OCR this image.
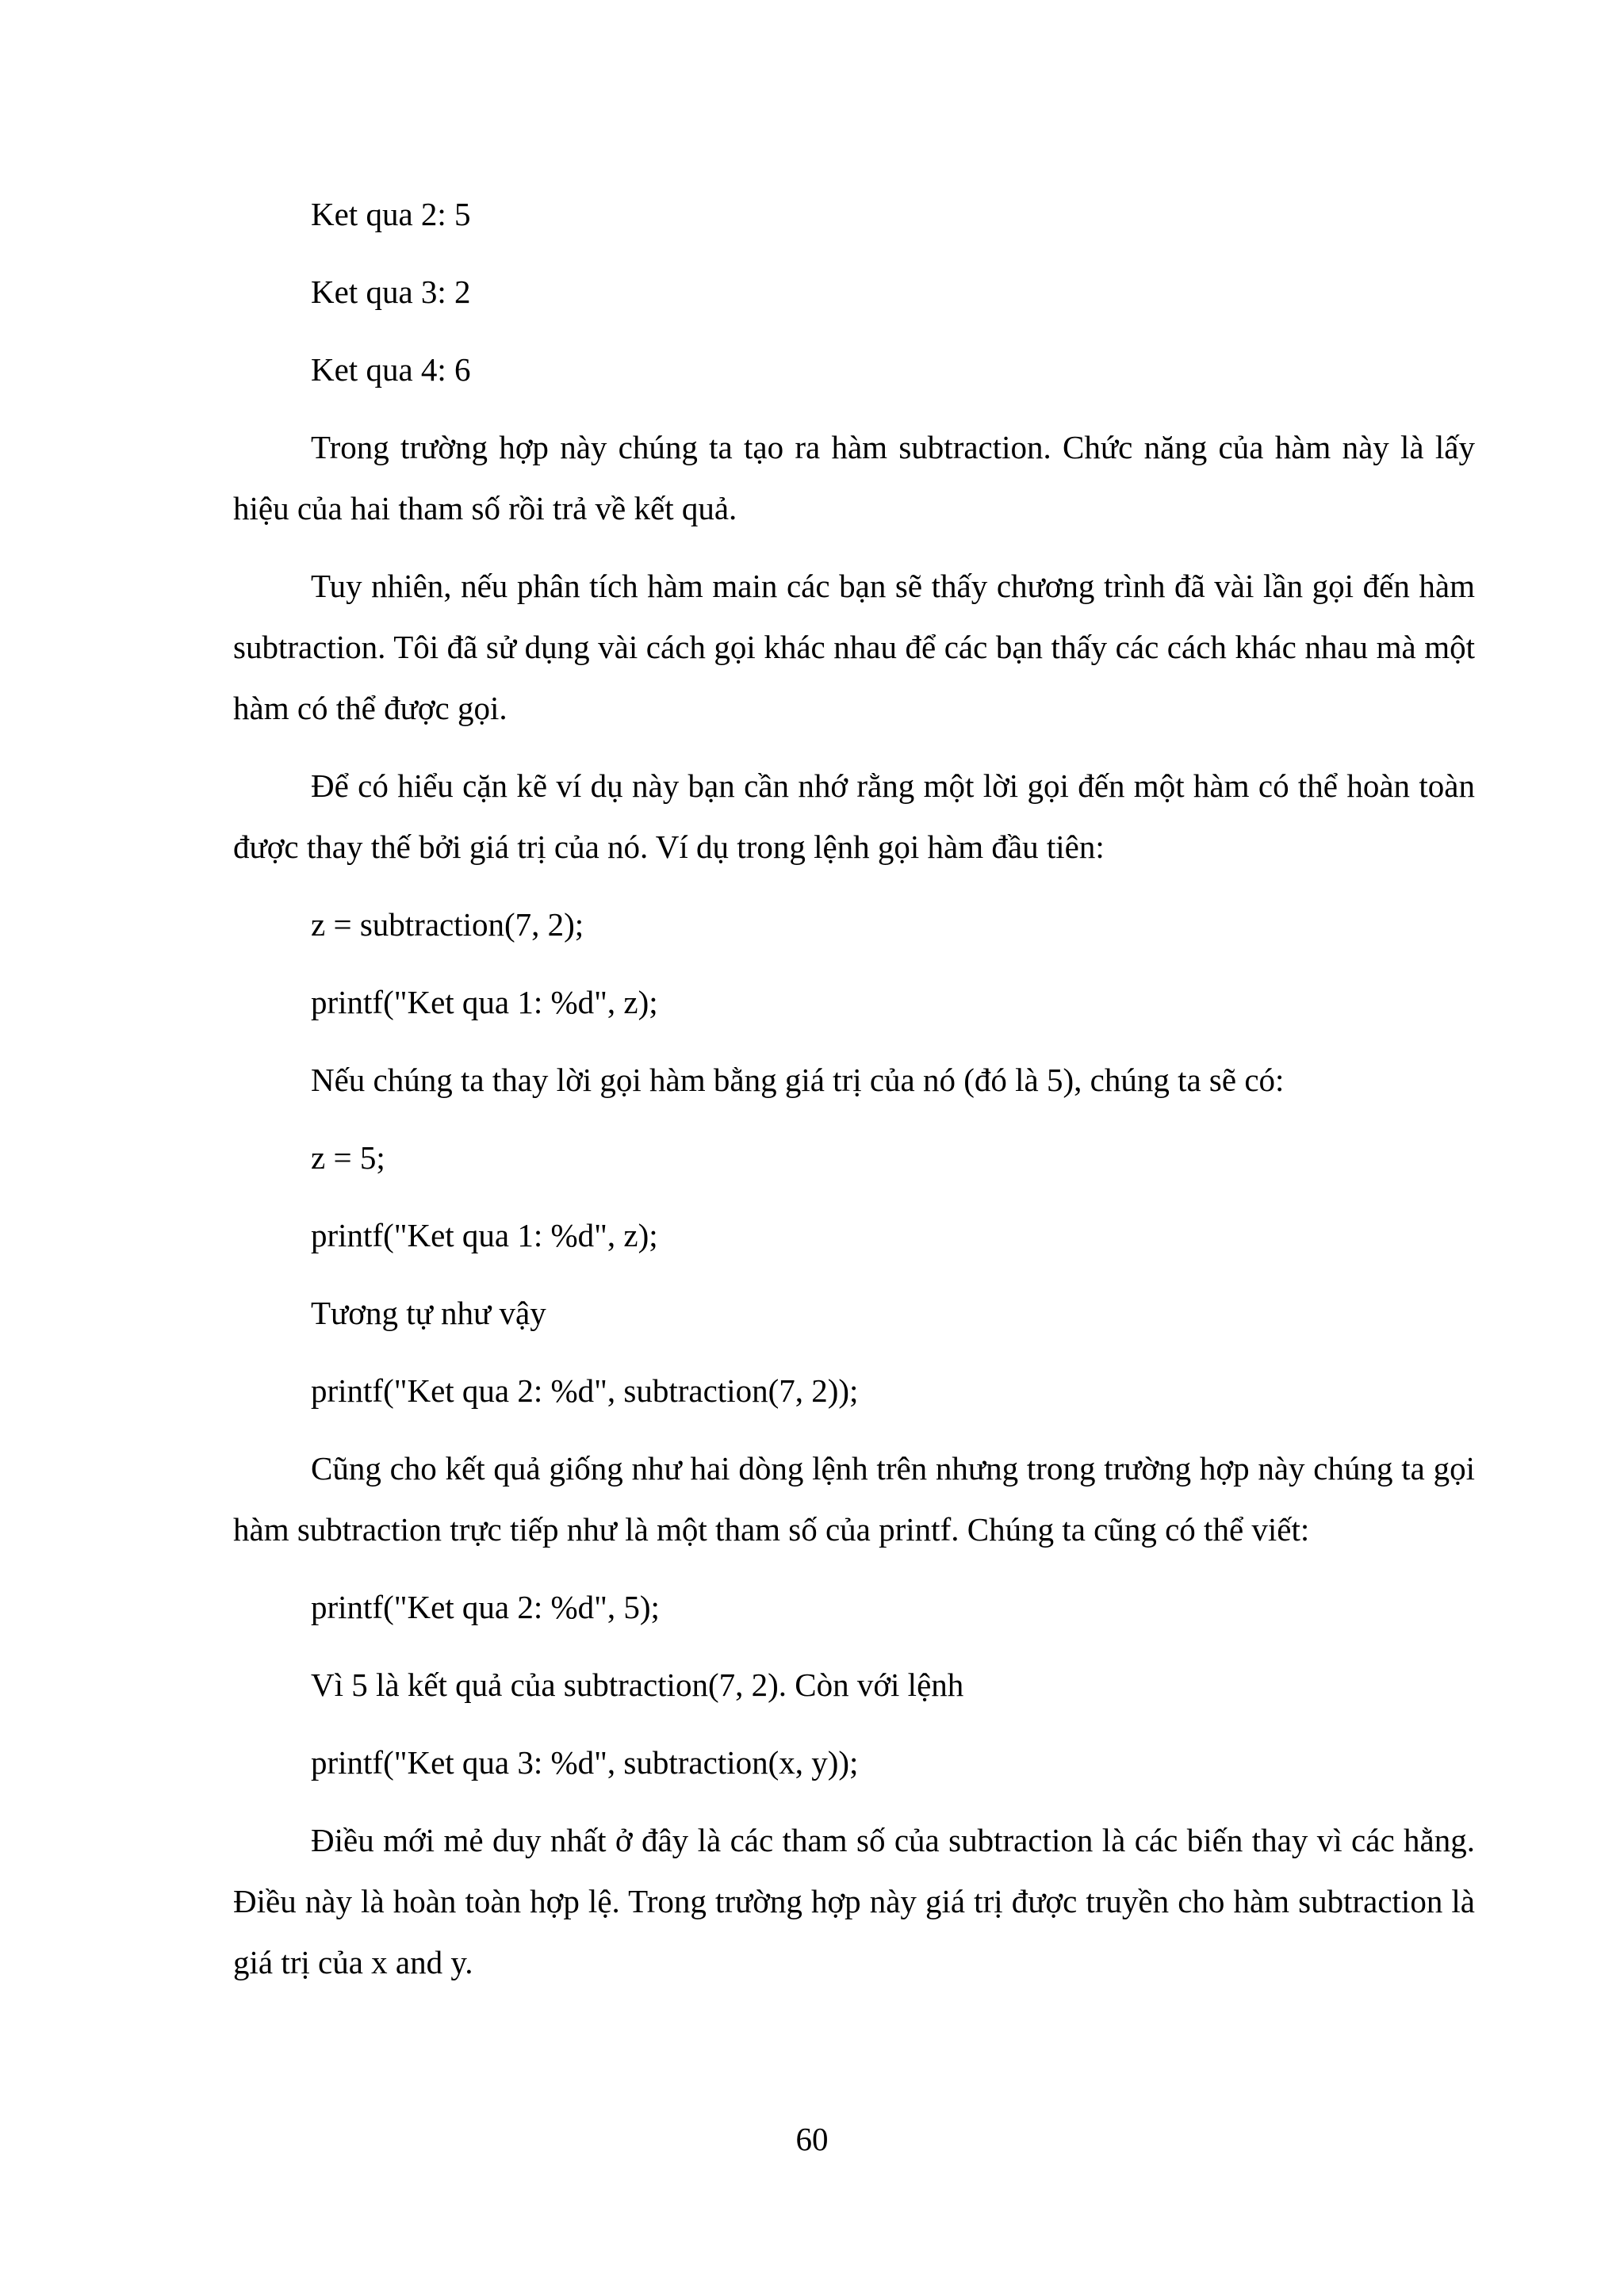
Ket qua 2: 5
Ket qua 3: 2
Ket qua 4: 6

Trong trường hợp này chúng ta tạo ra hàm subtraction. Chức năng của hàm này là lấy hiệu của hai tham số rồi trả về kết quả.

Tuy nhiên, nếu phân tích hàm main các bạn sẽ thấy chương trình đã vài lần gọi đến hàm subtraction. Tôi đã sử dụng vài cách gọi khác nhau để các bạn thấy các cách khác nhau mà một hàm có thể được gọi.

Để có hiểu cặn kẽ ví dụ này bạn cần nhớ rằng một lời gọi đến một hàm có thể hoàn toàn được thay thế bởi giá trị của nó. Ví dụ trong lệnh gọi hàm đầu tiên:

z = subtraction(7, 2);
printf("Ket qua 1: %d", z);
Nếu chúng ta thay lời gọi hàm bằng giá trị của nó (đó là 5), chúng ta sẽ có:
z = 5;
printf("Ket qua 1: %d", z);
Tương tự như vậy
printf("Ket qua 2: %d", subtraction(7, 2));

Cũng cho kết quả giống như hai dòng lệnh trên nhưng trong trường hợp này chúng ta gọi hàm subtraction trực tiếp như là một tham số của printf. Chúng ta cũng có thể viết:

printf("Ket qua 2: %d", 5);
Vì 5 là kết quả của subtraction(7, 2). Còn với lệnh
printf("Ket qua 3: %d", subtraction(x, y));

Điều mới mẻ duy nhất ở đây là các tham số của subtraction là các biến thay vì các hằng. Điều này là hoàn toàn hợp lệ. Trong trường hợp này giá trị được truyền cho hàm subtraction là giá trị của x and y.

60
